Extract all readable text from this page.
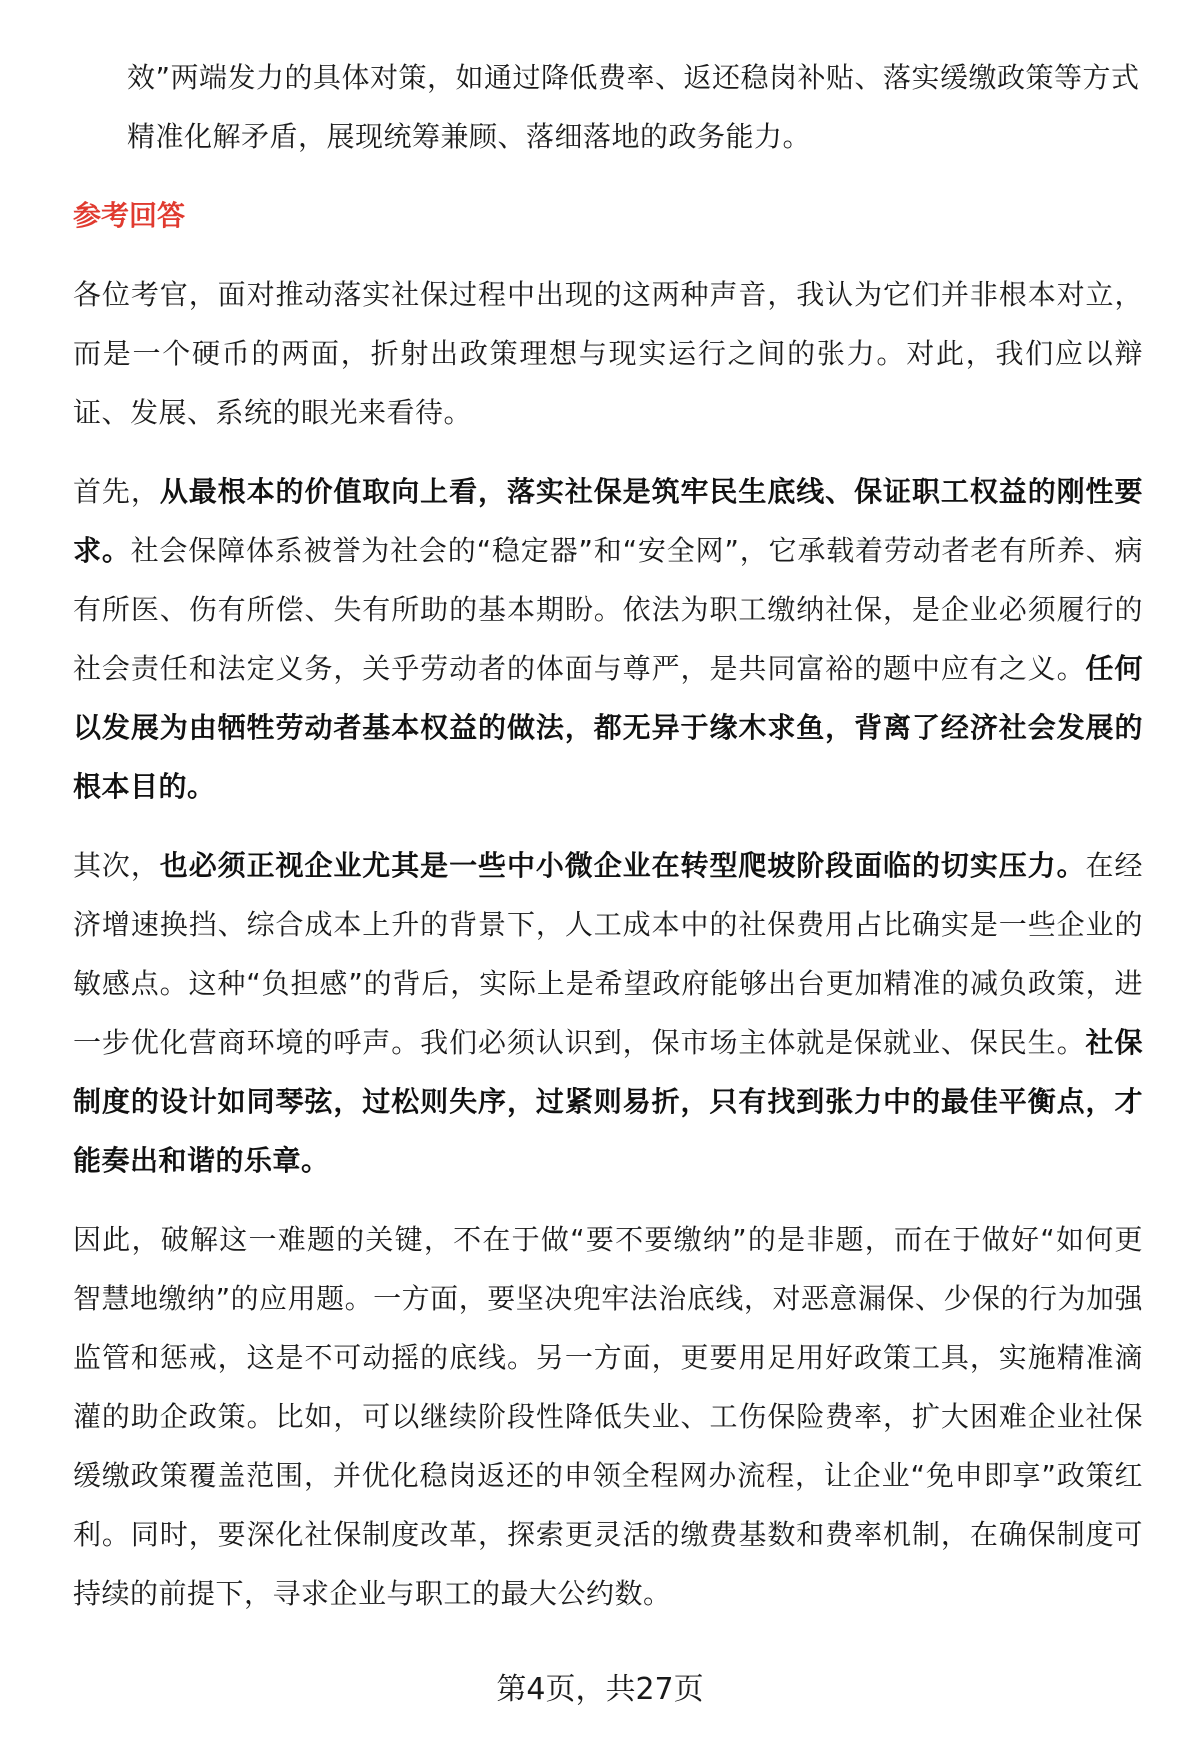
效”两端发力的具体对策，如通过降低费率、返还稳岗补贴、落实缓缴政策等方式精准化解矛盾，展现统筹兼顾、落细落地的政务能力。
参考回答
各位考官，面对推动落实社保过程中出现的这两种声音，我认为它们并非根本对立，而是一个硬币的两面，折射出政策理想与现实运行之间的张力。对此，我们应以辩证、发展、系统的眼光来看待。
首先，从最根本的价值取向上看，落实社保是筑牢民生底线、保证职工权益的刚性要求。社会保障体系被誉为社会的“稳定器”和“安全网”，它承载着劳动者老有所养、病有所医、伤有所偿、失有所助的基本期盼。依法为职工缴纳社保，是企业必须履行的社会责任和法定义务，关乎劳动者的体面与尊严，是共同富裕的题中应有之义。任何以发展为由牺牲劳动者基本权益的做法，都无异于缘木求鱼，背离了经济社会发展的根本目的。
其次，也必须正视企业尤其是一些中小微企业在转型爬坡阶段面临的切实压力。在经济增速换挡、综合成本上升的背景下，人工成本中的社保费用占比确实是一些企业的敏感点。这种“负担感”的背后，实际上是希望政府能够出台更加精准的减负政策，进一步优化营商环境的呼声。我们必须认识到，保市场主体就是保就业、保民生。社保制度的设计如同琴弦，过松则失序，过紧则易折，只有找到张力中的最佳平衡点，才能奏出和谐的乐章。
因此，破解这一难题的关键，不在于做“要不要缴纳”的是非题，而在于做好“如何更智慧地缴纳”的应用题。一方面，要坚决兜牢法治底线，对恶意漏保、少保的行为加强监管和惩戒，这是不可动摇的底线。另一方面，更要用足用好政策工具，实施精准滴灌的助企政策。比如，可以继续阶段性降低失业、工伤保险费率，扩大困难企业社保缓缴政策覆盖范围，并优化稳岗返还的申领全程网办流程，让企业“免申即享”政策红利。同时，要深化社保制度改革，探索更灵活的缴费基数和费率机制，在确保制度可持续的前提下，寻求企业与职工的最大公约数。
第4页，共27页
